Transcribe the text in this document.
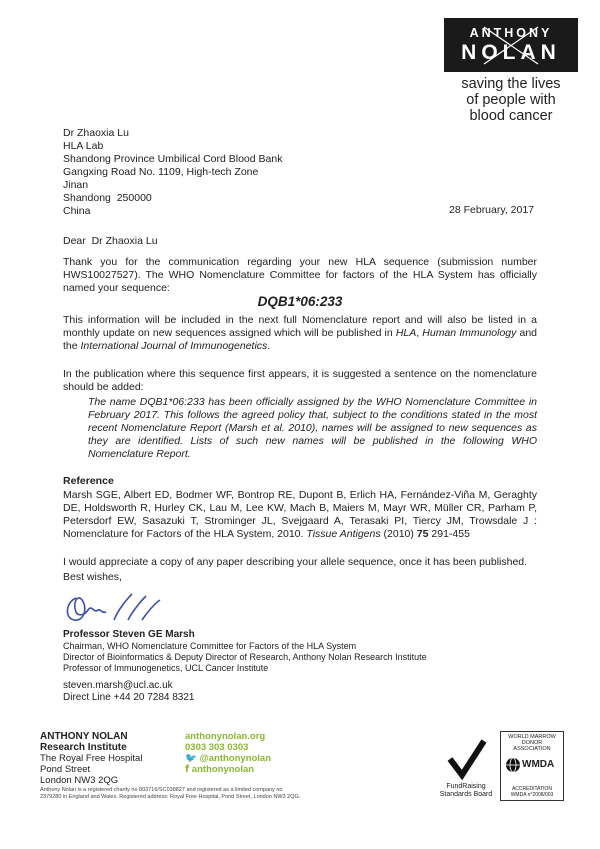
ANTHONY
NOLAN
saving the lives
of people with
blood cancer
Dr Zhaoxia Lu
HLA Lab
Shandong Province Umbilical Cord Blood Bank
Gangxing Road No. 1109, High-tech Zone
Jinan
Shandong  250000
China	28 February, 2017
Dear  Dr Zhaoxia Lu
Thank you for the communication regarding your new HLA sequence (submission number HWS10027527). The WHO Nomenclature Committee for factors of the HLA System has officially named your sequence:
DQB1*06:233
This information will be included in the next full Nomenclature report and will also be listed in a monthly update on new sequences assigned which will be published in HLA, Human Immunology and the International Journal of Immunogenetics.
In the publication where this sequence first appears, it is suggested a sentence on the nomenclature should be added:
The name DQB1*06:233 has been officially assigned by the WHO Nomenclature Committee in February 2017. This follows the agreed policy that, subject to the conditions stated in the most recent Nomenclature Report (Marsh et al. 2010), names will be assigned to new sequences as they are identified. Lists of such new names will be published in the following WHO Nomenclature Report.
Reference
Marsh SGE, Albert ED, Bodmer WF, Bontrop RE, Dupont B, Erlich HA, Fernández-Viña M, Geraghty DE, Holdsworth R, Hurley CK, Lau M, Lee KW, Mach B, Maiers M, Mayr WR, Müller CR, Parham P, Petersdorf EW, Sasazuki T, Strominger JL, Svejgaard A, Terasaki PI, Tiercy JM, Trowsdale J : Nomenclature for Factors of the HLA System, 2010. Tissue Antigens (2010) 75 291-455
I would appreciate a copy of any paper describing your allele sequence, once it has been published.
Best wishes,
Professor Steven GE Marsh
Chairman, WHO Nomenclature Committee for Factors of the HLA System
Director of Bioinformatics & Deputy Director of Research, Anthony Nolan Research Institute
Professor of Immunogenetics, UCL Cancer Institute
steven.marsh@ucl.ac.uk
Direct Line +44 20 7284 8321
ANTHONY NOLAN
Research Institute
The Royal Free Hospital
Pond Street
London NW3 2QG
Anthony Nolan is a registered charity no 803716/SC038827 and registered as a limited company no
2379280 in England and Wales. Registered address: Royal Free Hospital, Pond Street, London NW3 2QG.
anthonynolan.org
0303 303 0303
🐦 @anthonynolan
f anthonynolan
FundRaising
Standards Board
WORLD MARROW
DONOR
ASSOCIATION
WMDA
ACCREDITATION
WMDA n°2008/003
